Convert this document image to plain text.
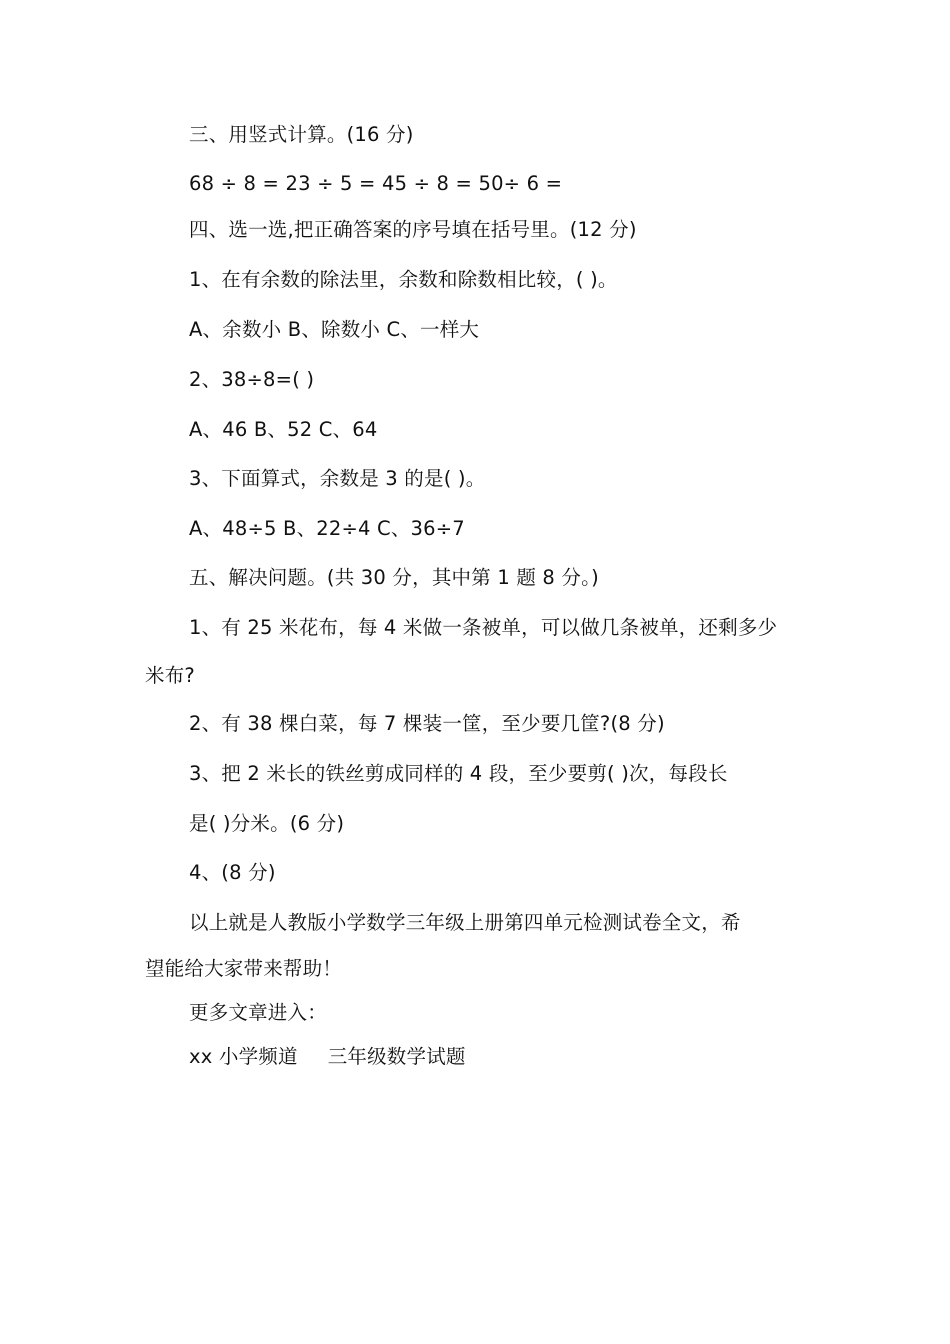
三、用竖式计算。(16 分)
68 ÷ 8 = 23 ÷ 5 = 45 ÷ 8 = 50÷ 6 =
四、选一选,把正确答案的序号填在括号里。(12 分)
1、在有余数的除法里，余数和除数相比较，( )。
A、余数小 B、除数小 C、一样大
2、38÷8=( )
A、46 B、52 C、64
3、下面算式，余数是 3 的是( )。
A、48÷5 B、22÷4 C、36÷7
五、解决问题。(共 30 分，其中第 1 题 8 分。)
1、有 25 米花布，每 4 米做一条被单，可以做几条被单，还剩多少
米布?
2、有 38 棵白菜，每 7 棵装一筐，至少要几筐?(8 分)
3、把 2 米长的铁丝剪成同样的 4 段，至少要剪( )次，每段长
是( )分米。(6 分)
4、(8 分)
以上就是人教版小学数学三年级上册第四单元检测试卷全文，希
望能给大家带来帮助！
更多文章进入：
xx 小学频道 三年级数学试题
